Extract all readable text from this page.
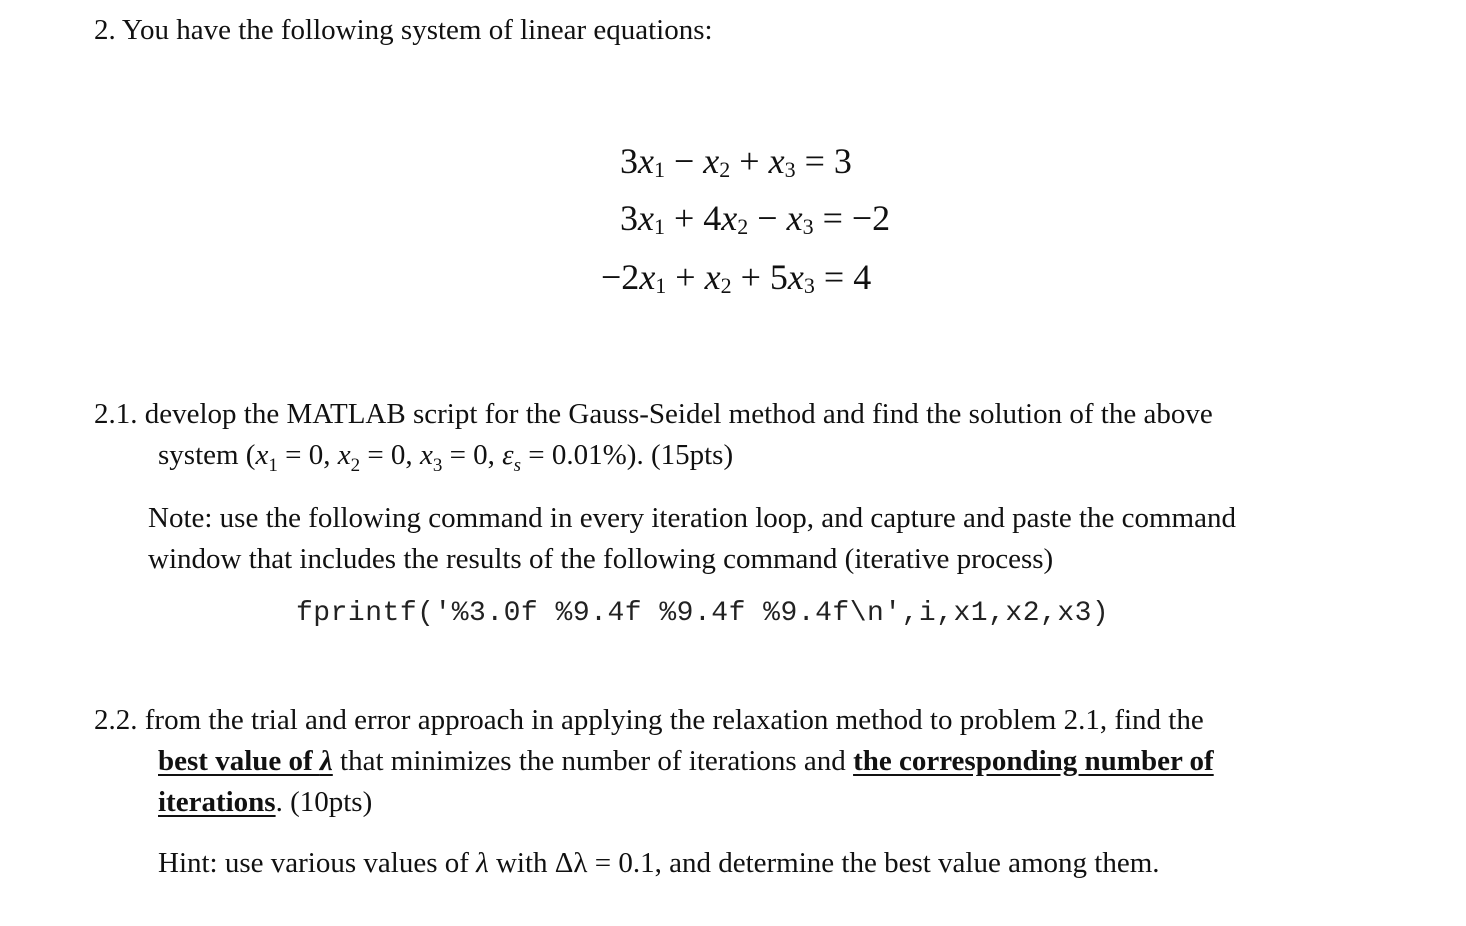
2. You have the following system of linear equations:
$3x_1 - x_2 + x_3 = 3$
$3x_1 + 4x_2 - x_3 = -2$
$-2x_1 + x_2 + 5x_3 = 4$
2.1. develop the MATLAB script for the Gauss-Seidel method and find the solution of the above
system ($x_1 = 0$, $x_2 = 0$, $x_3 = 0$, $\varepsilon_s = 0.01\%$). (15pts)
Note: use the following command in every iteration loop, and capture and paste the command
window that includes the results of the following command (iterative process)
fprintf('%3.0f %9.4f %9.4f %9.4f\n',i,x1,x2,x3)
2.2. from the trial and error approach in applying the relaxation method to problem 2.1, find the
best value of λ that minimizes the number of iterations and the corresponding number of
iterations. (10pts)
Hint: use various values of λ with Δλ = 0.1, and determine the best value among them.
